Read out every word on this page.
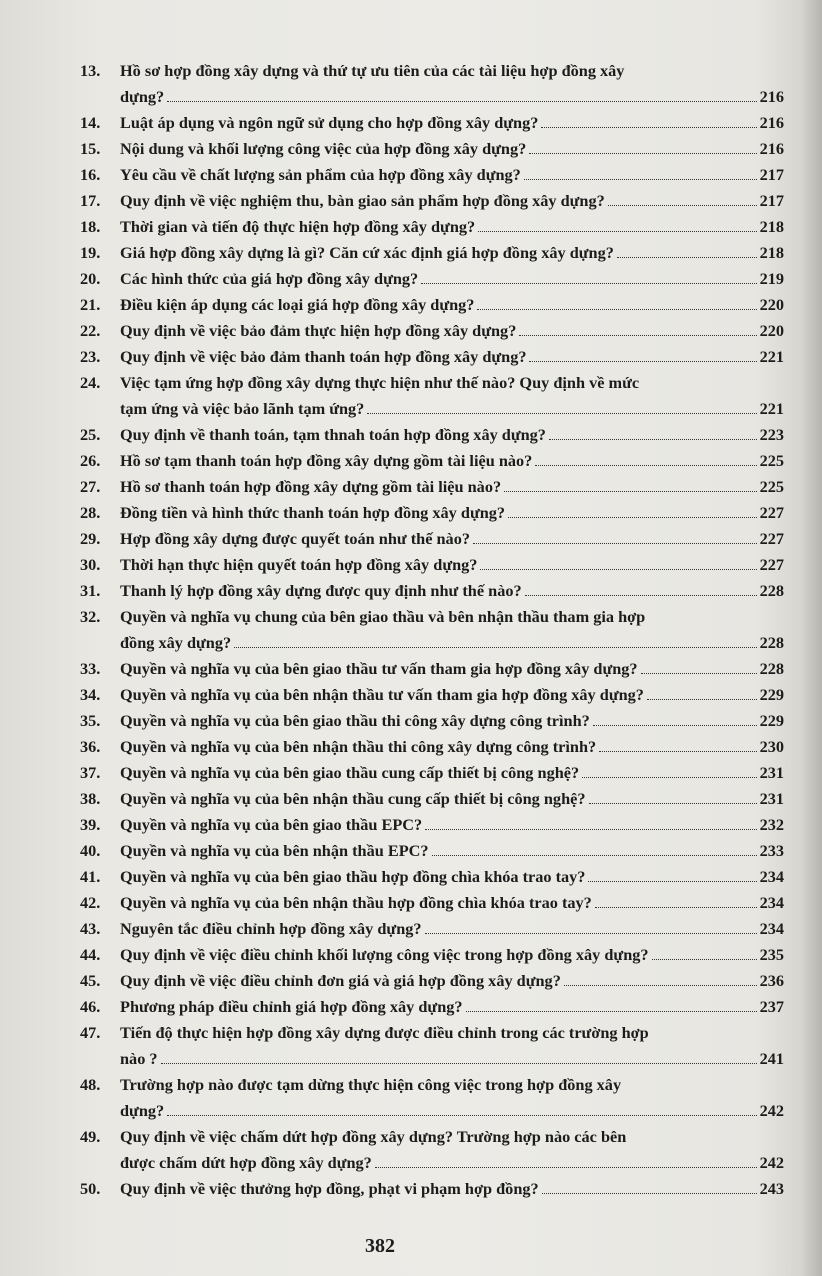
13.	Hồ sơ hợp đồng xây dựng và thứ tự ưu tiên của các tài liệu hợp đồng xây
dựng?	216
14.	Luật áp dụng và ngôn ngữ sử dụng cho hợp đồng xây dựng?	216
15.	Nội dung và khối lượng công việc của hợp đồng xây dựng?	216
16.	Yêu cầu về chất lượng sản phẩm của hợp đồng xây dựng?	217
17.	Quy định về việc nghiệm thu, bàn giao sản phẩm hợp đồng xây dựng?	217
18.	Thời gian và tiến độ thực hiện hợp đồng xây dựng?	218
19.	Giá hợp đồng xây dựng là gì? Căn cứ xác định giá hợp đồng xây dựng?	218
20.	Các hình thức của giá hợp đồng xây dựng?	219
21.	Điều kiện áp dụng các loại giá hợp đồng xây dựng?	220
22.	Quy định về việc bảo đảm thực hiện hợp đồng xây dựng?	220
23.	Quy định về việc bảo đảm thanh toán hợp đồng xây dựng?	221
24.	Việc tạm ứng hợp đồng xây dựng thực hiện như thế nào? Quy định về mức
tạm ứng và việc bảo lãnh tạm ứng?	221
25.	Quy định về thanh toán, tạm thnah toán hợp đồng xây dựng?	223
26.	Hồ sơ tạm thanh toán hợp đồng xây dựng gồm tài liệu nào?	225
27.	Hồ sơ thanh toán hợp đồng xây dựng gồm tài liệu nào?	225
28.	Đồng tiền và hình thức thanh toán hợp đồng xây dựng?	227
29.	Hợp đồng xây dựng được quyết toán như thế nào?	227
30.	Thời hạn thực hiện quyết toán hợp đồng xây dựng?	227
31.	Thanh lý hợp đồng xây dựng được quy định như thế nào?	228
32.	Quyền và nghĩa vụ chung của bên giao thầu và bên nhận thầu tham gia hợp
đồng xây dựng?	228
33.	Quyền và nghĩa vụ của bên giao thầu tư vấn tham gia hợp đồng xây dựng?	228
34.	Quyền và nghĩa vụ của bên nhận thầu tư vấn tham gia hợp đồng xây dựng?	229
35.	Quyền và nghĩa vụ của bên giao thầu thi công xây dựng công trình?	229
36.	Quyền và nghĩa vụ của bên nhận thầu thi công xây dựng công trình?	230
37.	Quyền và nghĩa vụ của bên giao thầu cung cấp thiết bị công nghệ?	231
38.	Quyền và nghĩa vụ của bên nhận thầu cung cấp thiết bị công nghệ?	231
39.	Quyền và nghĩa vụ của bên giao thầu EPC?	232
40.	Quyền và nghĩa vụ của bên nhận thầu EPC?	233
41.	Quyền và nghĩa vụ của bên giao thầu hợp đồng chìa khóa trao tay?	234
42.	Quyền và nghĩa vụ của bên nhận thầu hợp đồng chìa khóa trao tay?	234
43.	Nguyên tắc điều chỉnh hợp đồng xây dựng?	234
44.	Quy định về việc điều chỉnh khối lượng công việc trong hợp đồng xây dựng?	235
45.	Quy định về việc điều chỉnh đơn giá và giá hợp đồng xây dựng?	236
46.	Phương pháp điều chỉnh giá hợp đồng xây dựng?	237
47.	Tiến độ thực hiện hợp đồng xây dựng được điều chỉnh trong các trường hợp
nào ?	241
48.	Trường hợp nào được tạm dừng thực hiện công việc trong hợp đồng xây
dựng?	242
49.	Quy định về việc chấm dứt hợp đồng xây dựng? Trường hợp nào các bên
được chấm dứt hợp đồng xây dựng?	242
50.	Quy định về việc thưởng hợp đồng, phạt vi phạm hợp đồng?	243
382
